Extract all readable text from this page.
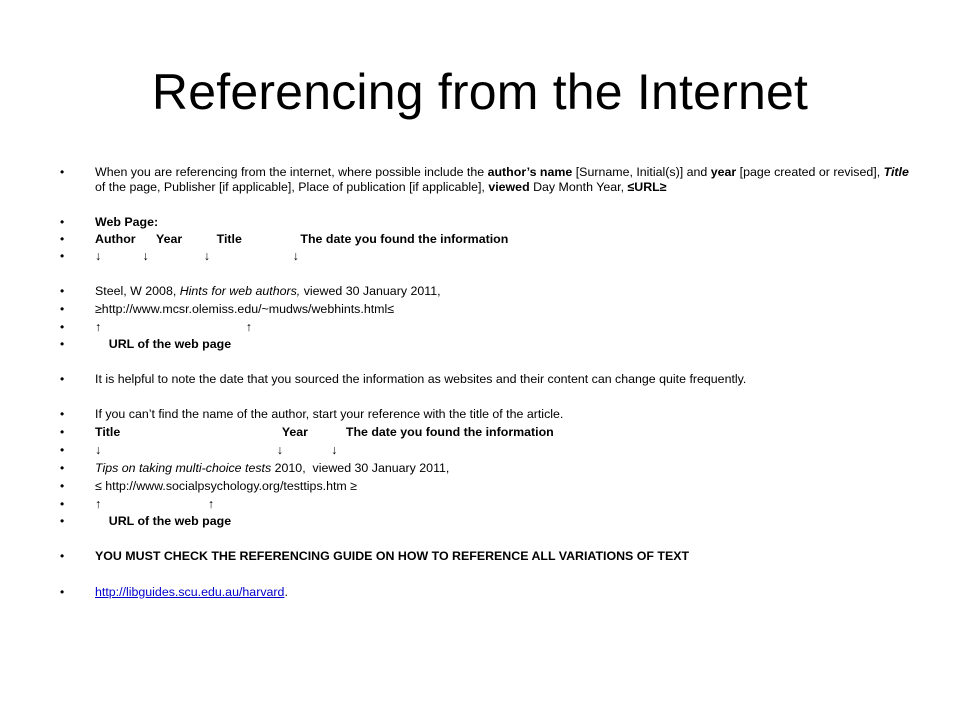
Referencing from the Internet
•	When you are referencing from the internet, where possible include the author’s name [Surname, Initial(s)] and year [page created or revised], Title of the page, Publisher [if applicable], Place of publication [if applicable], viewed Day Month Year, ≤URL≥
•	Web Page:
•	Author      Year          Title                 The date you found the information
•	↓            ↓                ↓                        ↓
•	Steel, W 2008, Hints for web authors, viewed 30 January 2011,
•	≥http://www.mcsr.olemiss.edu/~mudws/webhints.html≤
•	↑                                          ↑
•	URL of the web page
•	It is helpful to note the date that you sourced the information as websites and their content can change quite frequently.
•	If you can’t find the name of the author, start your reference with the title of the article.
•	Title                                               Year           The date you found the information
•	↓                                                   ↓              ↓
•	Tips on taking multi-choice tests 2010,  viewed 30 January 2011,
•	≤ http://www.socialpsychology.org/testtips.htm ≥
•	↑                               ↑
•	URL of the web page
•	YOU MUST CHECK THE REFERENCING GUIDE ON HOW TO REFERENCE ALL VARIATIONS OF TEXT
•	http://libguides.scu.edu.au/harvard.
